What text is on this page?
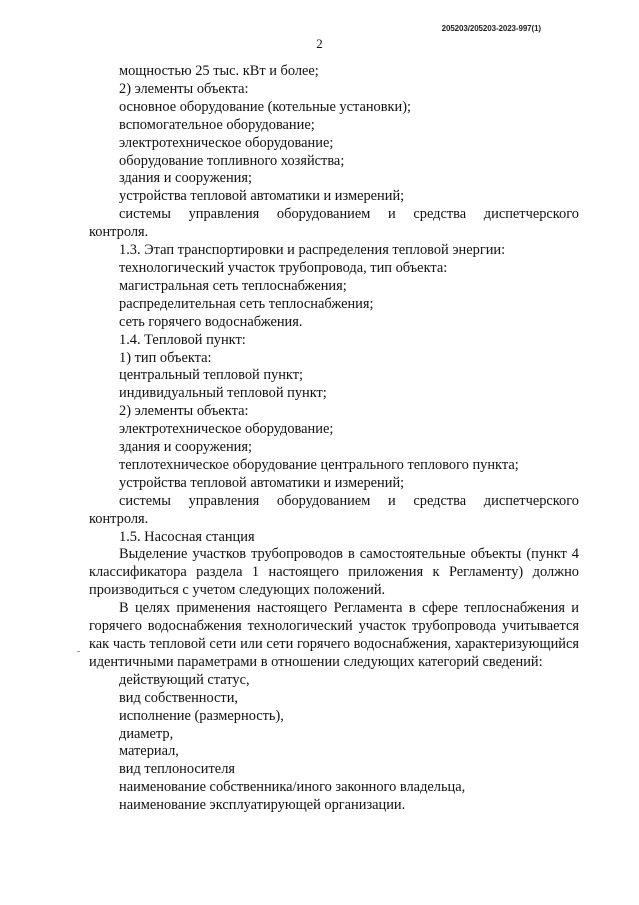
205203/205203-2023-997(1)
2
мощностью 25 тыс. кВт и более;
2) элементы объекта:
основное оборудование (котельные установки);
вспомогательное оборудование;
электротехническое оборудование;
оборудование топливного хозяйства;
здания и сооружения;
устройства тепловой автоматики и измерений;
системы управления оборудованием и средства диспетчерского
контроля.
1.3. Этап транспортировки и распределения тепловой энергии:
технологический участок трубопровода, тип объекта:
магистральная сеть теплоснабжения;
распределительная сеть теплоснабжения;
сеть горячего водоснабжения.
1.4. Тепловой пункт:
1) тип объекта:
центральный тепловой пункт;
индивидуальный тепловой пункт;
2) элементы объекта:
электротехническое оборудование;
здания и сооружения;
теплотехническое оборудование центрального теплового пункта;
устройства тепловой автоматики и измерений;
системы управления оборудованием и средства диспетчерского
контроля.
1.5. Насосная станция
Выделение участков трубопроводов в самостоятельные объекты (пункт 4 классификатора раздела 1 настоящего приложения к Регламенту) должно производиться с учетом следующих положений.
В целях применения настоящего Регламента в сфере теплоснабжения и горячего водоснабжения технологический участок трубопровода учитывается как часть тепловой сети или сети горячего водоснабжения, характеризующийся идентичными параметрами в отношении следующих категорий сведений:
действующий статус,
вид собственности,
исполнение (размерность),
диаметр,
материал,
вид теплоносителя
наименование собственника/иного законного владельца,
наименование эксплуатирующей организации.
